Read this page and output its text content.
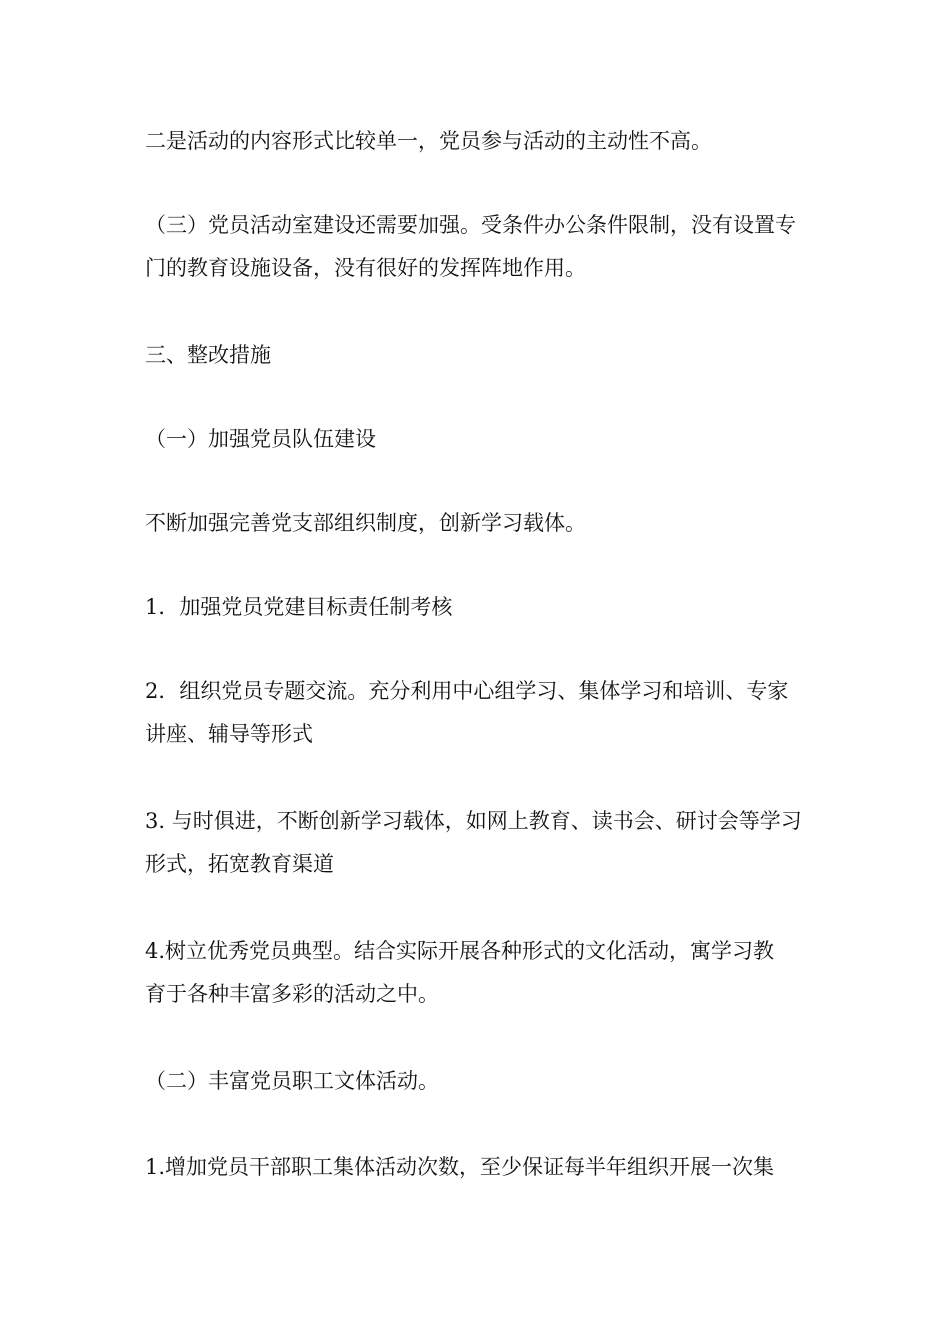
二是活动的内容形式比较单一，党员参与活动的主动性不高。

（三）党员活动室建设还需要加强。受条件办公条件限制，没有设置专
门的教育设施设备，没有很好的发挥阵地作用。

三、整改措施

（一）加强党员队伍建设

不断加强完善党支部组织制度，创新学习载体。

1．加强党员党建目标责任制考核

2．组织党员专题交流。充分利用中心组学习、集体学习和培训、专家
讲座、辅导等形式

3. 与时俱进，不断创新学习载体，如网上教育、读书会、研讨会等学习
形式，拓宽教育渠道

4.树立优秀党员典型。结合实际开展各种形式的文化活动，寓学习教
育于各种丰富多彩的活动之中。

（二）丰富党员职工文体活动。

1.增加党员干部职工集体活动次数，至少保证每半年组织开展一次集
